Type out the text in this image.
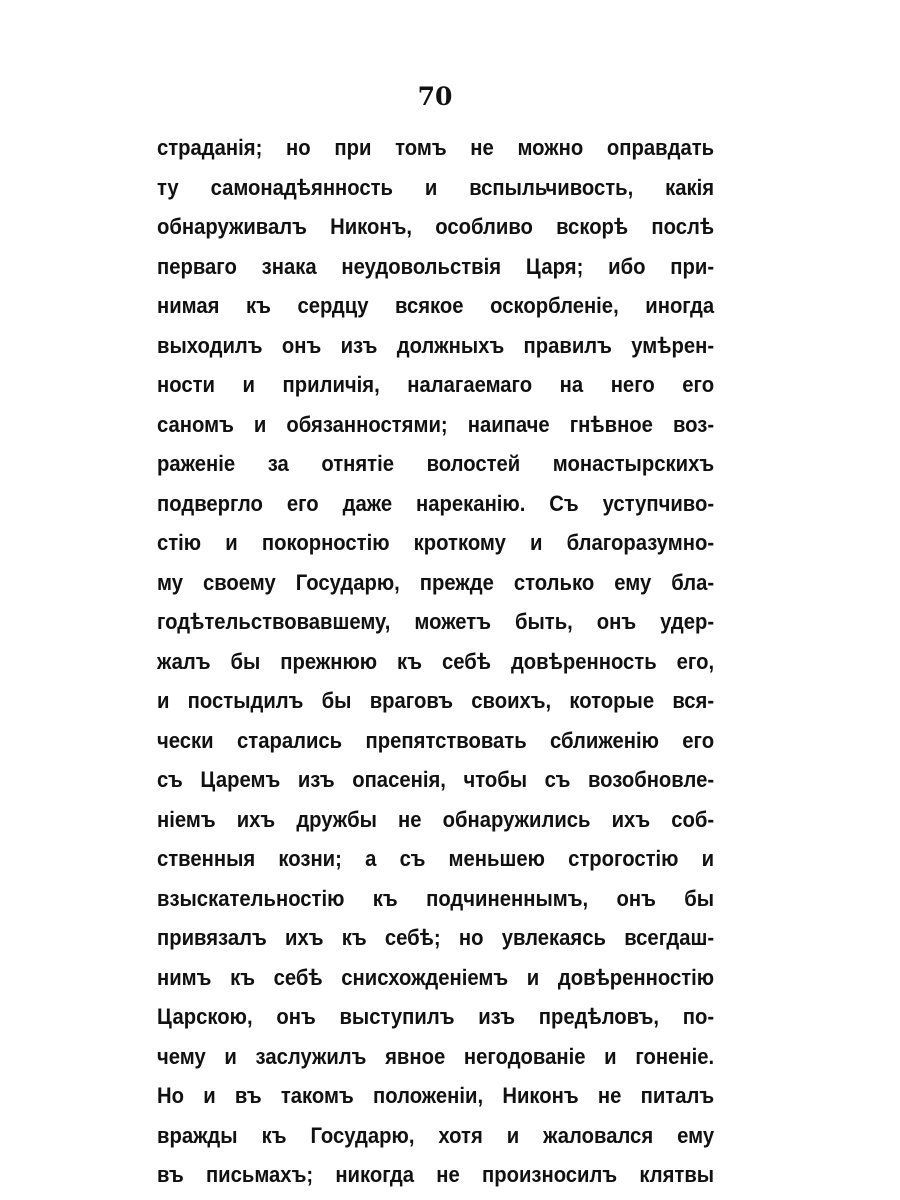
70
страданія; но при томъ не можно оправдать
ту самонадѣянность и вспыльчивость, какія
обнаруживалъ Никонъ, особливо вскорѣ послѣ
перваго знака неудовольствія Царя; ибо при-
нимая къ сердцу всякое оскорбленіе, иногда
выходилъ онъ изъ должныхъ правилъ умѣрен-
ности и приличія, налагаемаго на него его
саномъ и обязанностями; наипаче гнѣвное воз-
раженіе за отнятіе волостей монастырскихъ
подвергло его даже нареканію. Съ уступчиво-
стію и покорностію кроткому и благоразумно-
му своему Государю, прежде столько ему бла-
годѣтельствовавшему, можетъ быть, онъ удер-
жалъ бы прежнюю къ себѣ довѣренность его,
и постыдилъ бы враговъ своихъ, которые вся-
чески старались препятствовать сближенію его
съ Царемъ изъ опасенія, чтобы съ возобновле-
ніемъ ихъ дружбы не обнаружились ихъ соб-
ственныя козни; а съ меньшею строгостію и
взыскательностію къ подчиненнымъ, онъ бы
привязалъ ихъ къ себѣ; но увлекаясь всегдаш-
нимъ къ себѣ снисхожденіемъ и довѣренностію
Царскою, онъ выступилъ изъ предѣловъ, по-
чему и заслужилъ явное негодованіе и гоненіе.
Но и въ такомъ положеніи, Никонъ не питалъ
вражды къ Государю, хотя и жаловался ему
въ письмахъ; никогда не произносилъ клятвы
